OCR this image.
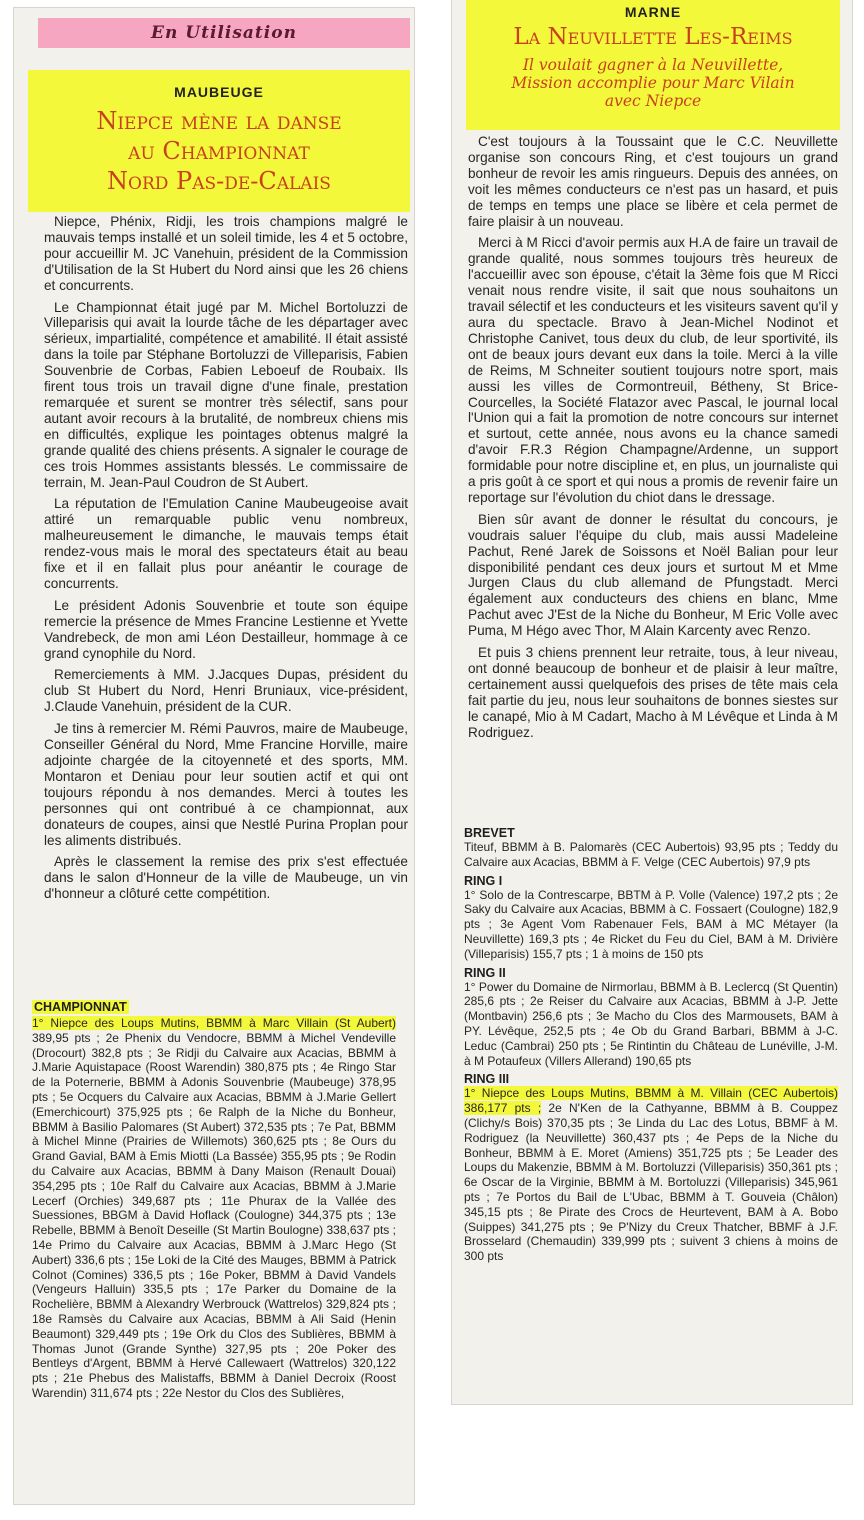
En Utilisation
MAUBEUGE
Niepce mène la danse
au Championnat
Nord Pas-de-Calais

Niepce, Phénix, Ridji, les trois champions malgré le mauvais temps installé et un soleil timide, les 4 et 5 octobre, pour accueillir M. JC Vanehuin, président de la Commission d'Utilisation de la St Hubert du Nord ainsi que les 26 chiens et concurrents.

Le Championnat était jugé par M. Michel Bortoluzzi de Villeparisis qui avait la lourde tâche de les départager avec sérieux, impartialité, compétence et amabilité. Il était assisté dans la toile par Stéphane Bortoluzzi de Villeparisis, Fabien Souvenbrie de Corbas, Fabien Leboeuf de Roubaix. Ils firent tous trois un travail digne d'une finale, prestation remarquée et surent se montrer très sélectif, sans pour autant avoir recours à la brutalité, de nombreux chiens mis en difficultés, explique les pointages obtenus malgré la grande qualité des chiens présents. A signaler le courage de ces trois Hommes assistants blessés. Le commissaire de terrain, M. Jean-Paul Coudron de St Aubert.

La réputation de l'Emulation Canine Maubeugeoise avait attiré un remarquable public venu nombreux, malheureusement le dimanche, le mauvais temps était rendez-vous mais le moral des spectateurs était au beau fixe et il en fallait plus pour anéantir le courage de concurrents.

Le président Adonis Souvenbrie et toute son équipe remercie la présence de Mmes Francine Lestienne et Yvette Vandrebeck, de mon ami Léon Destailleur, hommage à ce grand cynophile du Nord.

Remerciements à MM. J.Jacques Dupas, président du club St Hubert du Nord, Henri Bruniaux, vice-président, J.Claude Vanehuin, président de la CUR.

Je tins à remercier M. Rémi Pauvros, maire de Maubeuge, Conseiller Général du Nord, Mme Francine Horville, maire adjointe chargée de la citoyenneté et des sports, MM. Montaron et Deniau pour leur soutien actif et qui ont toujours répondu à nos demandes. Merci à toutes les personnes qui ont contribué à ce championnat, aux donateurs de coupes, ainsi que Nestlé Purina Proplan pour les aliments distribués.

Après le classement la remise des prix s'est effectuée dans le salon d'Honneur de la ville de Maubeuge, un vin d'honneur a clôturé cette compétition.

CHAMPIONNAT
1° Niepce des Loups Mutins, BBMM à Marc Villain (St Aubert) 389,95 pts ; 2e Phenix du Vendocre, BBMM à Michel Vendeville (Drocourt) 382,8 pts ; 3e Ridji du Calvaire aux Acacias, BBMM à J.Marie Aquistapace (Roost Warendin) 380,875 pts ; 4e Ringo Star de la Poternerie, BBMM à Adonis Souvenbrie (Maubeuge) 378,95 pts ; 5e Ocquers du Calvaire aux Acacias, BBMM à J.Marie Gellert (Emerchicourt) 375,925 pts ; 6e Ralph de la Niche du Bonheur, BBMM à Basilio Palomares (St Aubert) 372,535 pts ; 7e Pat, BBMM à Michel Minne (Prairies de Willemots) 360,625 pts ; 8e Ours du Grand Gavial, BAM à Emis Miotti (La Bassée) 355,95 pts ; 9e Rodin du Calvaire aux Acacias, BBMM à Dany Maison (Renault Douai) 354,295 pts ; 10e Ralf du Calvaire aux Acacias, BBMM à J.Marie Lecerf (Orchies) 349,687 pts ; 11e Phurax de la Vallée des Suessiones, BBGM à David Hoflack (Coulogne) 344,375 pts ; 13e Rebelle, BBMM à Benoît Deseille (St Martin Boulogne) 338,637 pts ; 14e Primo du Calvaire aux Acacias, BBMM à J.Marc Hego (St Aubert) 336,6 pts ; 15e Loki de la Cité des Mauges, BBMM à Patrick Colnot (Comines) 336,5 pts ; 16e Poker, BBMM à David Vandels (Vengeurs Halluin) 335,5 pts ; 17e Parker du Domaine de la Rochelière, BBMM à Alexandry Werbrouck (Wattrelos) 329,824 pts ; 18e Ramsès du Calvaire aux Acacias, BBMM à Ali Said (Henin Beaumont) 329,449 pts ; 19e Ork du Clos des Sublières, BBMM à Thomas Junot (Grande Synthe) 327,95 pts ; 20e Poker des Bentleys d'Argent, BBMM à Hervé Callewaert (Wattrelos) 320,122 pts ; 21e Phebus des Malistaffs, BBMM à Daniel Decroix (Roost Warendin) 311,674 pts ; 22e Nestor du Clos des Sublières,
MARNE
La Neuvillette Les-Reims
Il voulait gagner à la Neuvillette,
Mission accomplie pour Marc Vilain
avec Niepce

C'est toujours à la Toussaint que le C.C. Neuvillette organise son concours Ring, et c'est toujours un grand bonheur de revoir les amis ringueurs. Depuis des années, on voit les mêmes conducteurs ce n'est pas un hasard, et puis de temps en temps une place se libère et cela permet de faire plaisir à un nouveau.

Merci à M Ricci d'avoir permis aux H.A de faire un travail de grande qualité, nous sommes toujours très heureux de l'accueillir avec son épouse, c'était la 3ème fois que M Ricci venait nous rendre visite, il sait que nous souhaitons un travail sélectif et les conducteurs et les visiteurs savent qu'il y aura du spectacle. Bravo à Jean-Michel Nodinot et Christophe Canivet, tous deux du club, de leur sportivité, ils ont de beaux jours devant eux dans la toile. Merci à la ville de Reims, M Schneiter soutient toujours notre sport, mais aussi les villes de Cormontreuil, Bétheny, St Brice-Courcelles, la Société Flatazor avec Pascal, le journal local l'Union qui a fait la promotion de notre concours sur internet et surtout, cette année, nous avons eu la chance samedi d'avoir F.R.3 Région Champagne/Ardenne, un support formidable pour notre discipline et, en plus, un journaliste qui a pris goût à ce sport et qui nous a promis de revenir faire un reportage sur l'évolution du chiot dans le dressage.

Bien sûr avant de donner le résultat du concours, je voudrais saluer l'équipe du club, mais aussi Madeleine Pachut, René Jarek de Soissons et Noël Balian pour leur disponibilité pendant ces deux jours et surtout M et Mme Jurgen Claus du club allemand de Pfungstadt. Merci également aux conducteurs des chiens en blanc, Mme Pachut avec J'Est de la Niche du Bonheur, M Eric Volle avec Puma, M Hégo avec Thor, M Alain Karcenty avec Renzo.

Et puis 3 chiens prennent leur retraite, tous, à leur niveau, ont donné beaucoup de bonheur et de plaisir à leur maître, certainement aussi quelquefois des prises de tête mais cela fait partie du jeu, nous leur souhaitons de bonnes siestes sur le canapé, Mio à M Cadart, Macho à M Lévêque et Linda à M Rodriguez.

BREVET
Titeuf, BBMM à B. Palomarès (CEC Aubertois) 93,95 pts ; Teddy du Calvaire aux Acacias, BBMM à F. Velge (CEC Aubertois) 97,9 pts
RING I
1° Solo de la Contrescarpe, BBTM à P. Volle (Valence) 197,2 pts ; 2e Saky du Calvaire aux Acacias, BBMM à C. Fossaert (Coulogne) 182,9 pts ; 3e Agent Vom Rabenauer Fels, BAM à MC Métayer (la Neuvillette) 169,3 pts ; 4e Ricket du Feu du Ciel, BAM à M. Drivière (Villeparisis) 155,7 pts ; 1 à moins de 150 pts
RING II
1° Power du Domaine de Nirmorlau, BBMM à B. Leclercq (St Quentin) 285,6 pts ; 2e Reiser du Calvaire aux Acacias, BBMM à J-P. Jette (Montbavin) 256,6 pts ; 3e Macho du Clos des Marmousets, BAM à PY. Lévêque, 252,5 pts ; 4e Ob du Grand Barbari, BBMM à J-C. Leduc (Cambrai) 250 pts ; 5e Rintintin du Château de Lunéville, J-M. à M Potaufeux (Villers Allerand) 190,65 pts
RING III
1° Niepce des Loups Mutins, BBMM à M. Villain (CEC Aubertois) 386,177 pts ; 2e N'Ken de la Cathyanne, BBMM à B. Couppez (Clichy/s Bois) 370,35 pts ; 3e Linda du Lac des Lotus, BBMF à M. Rodriguez (la Neuvillette) 360,437 pts ; 4e Peps de la Niche du Bonheur, BBMM à E. Moret (Amiens) 351,725 pts ; 5e Leader des Loups du Makenzie, BBMM à M. Bortoluzzi (Villeparisis) 350,361 pts ; 6e Oscar de la Virginie, BBMM à M. Bortoluzzi (Villeparisis) 345,961 pts ; 7e Portos du Bail de L'Ubac, BBMM à T. Gouveia (Châlon) 345,15 pts ; 8e Pirate des Crocs de Heurtevent, BAM à A. Bobo (Suippes) 341,275 pts ; 9e P'Nizy du Creux Thatcher, BBMF à J.F. Brosselard (Chemaudin) 339,999 pts ; suivent 3 chiens à moins de 300 pts
